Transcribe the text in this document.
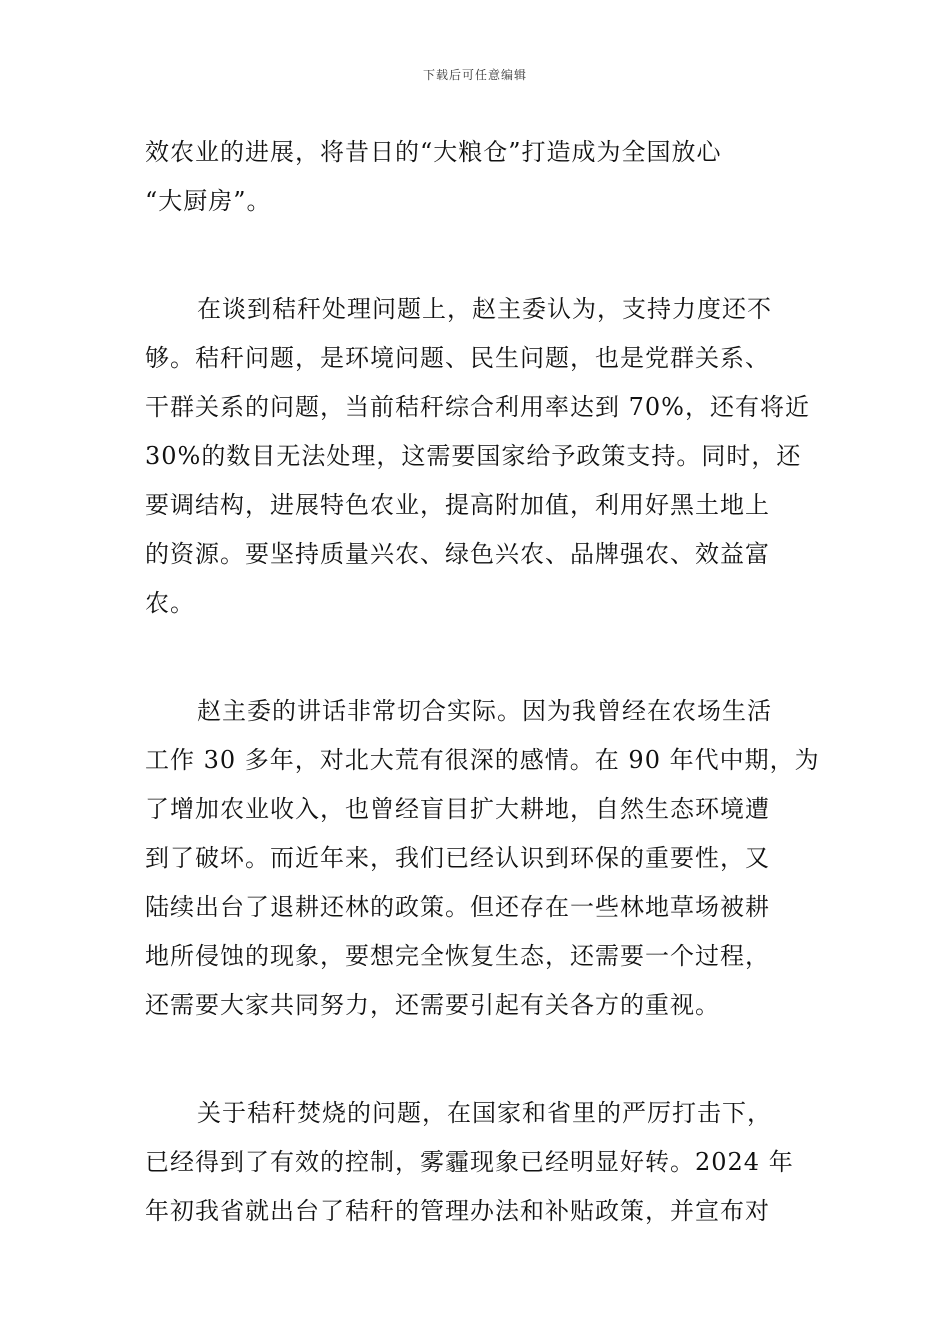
下载后可任意编辑
效农业的进展，将昔日的“大粮仓”打造成为全国放心
“大厨房”。
在谈到秸秆处理问题上，赵主委认为，支持力度还不
够。秸秆问题，是环境问题、民生问题，也是党群关系、
干群关系的问题，当前秸秆综合利用率达到 70%，还有将近
30%的数目无法处理，这需要国家给予政策支持。同时，还
要调结构，进展特色农业，提高附加值，利用好黑土地上
的资源。要坚持质量兴农、绿色兴农、品牌强农、效益富
农。
赵主委的讲话非常切合实际。因为我曾经在农场生活
工作 30 多年，对北大荒有很深的感情。在 90 年代中期，为
了增加农业收入，也曾经盲目扩大耕地，自然生态环境遭
到了破坏。而近年来，我们已经认识到环保的重要性，又
陆续出台了退耕还林的政策。但还存在一些林地草场被耕
地所侵蚀的现象，要想完全恢复生态，还需要一个过程，
还需要大家共同努力，还需要引起有关各方的重视。
关于秸秆焚烧的问题，在国家和省里的严厉打击下，
已经得到了有效的控制，雾霾现象已经明显好转。2024 年
年初我省就出台了秸秆的管理办法和补贴政策，并宣布对
